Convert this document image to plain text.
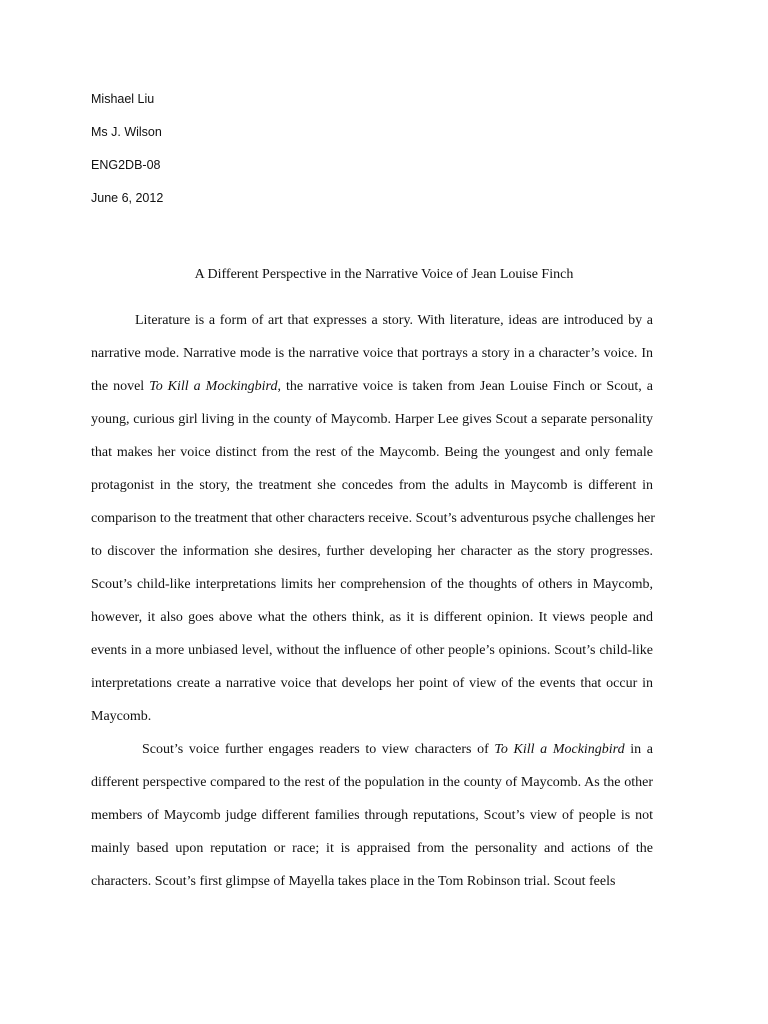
Mishael Liu
Ms J. Wilson
ENG2DB-08
June 6, 2012
A Different Perspective in the Narrative Voice of Jean Louise Finch
Literature is a form of art that expresses a story. With literature, ideas are introduced by a
narrative mode. Narrative mode is the narrative voice that portrays a story in a character’s voice. In
the novel To Kill a Mockingbird, the narrative voice is taken from Jean Louise Finch or Scout, a
young, curious girl living in the county of Maycomb. Harper Lee gives Scout a separate personality
that makes her voice distinct from the rest of the Maycomb. Being the youngest and only female
protagonist in the story, the treatment she concedes from the adults in Maycomb is different in
comparison to the treatment that other characters receive. Scout’s adventurous psyche challenges her
to discover the information she desires, further developing her character as the story progresses.
Scout’s child-like interpretations limits her comprehension of the thoughts of others in Maycomb,
however, it also goes above what the others think, as it is different opinion. It views people and
events in a more unbiased level, without the influence of other people’s opinions. Scout’s child-like
interpretations create a narrative voice that develops her point of view of the events that occur in
Maycomb.
Scout’s voice further engages readers to view characters of To Kill a Mockingbird in a
different perspective compared to the rest of the population in the county of Maycomb. As the other
members of Maycomb judge different families through reputations, Scout’s view of people is not
mainly based upon reputation or race; it is appraised from the personality and actions of the
characters. Scout’s first glimpse of Mayella takes place in the Tom Robinson trial. Scout feels
